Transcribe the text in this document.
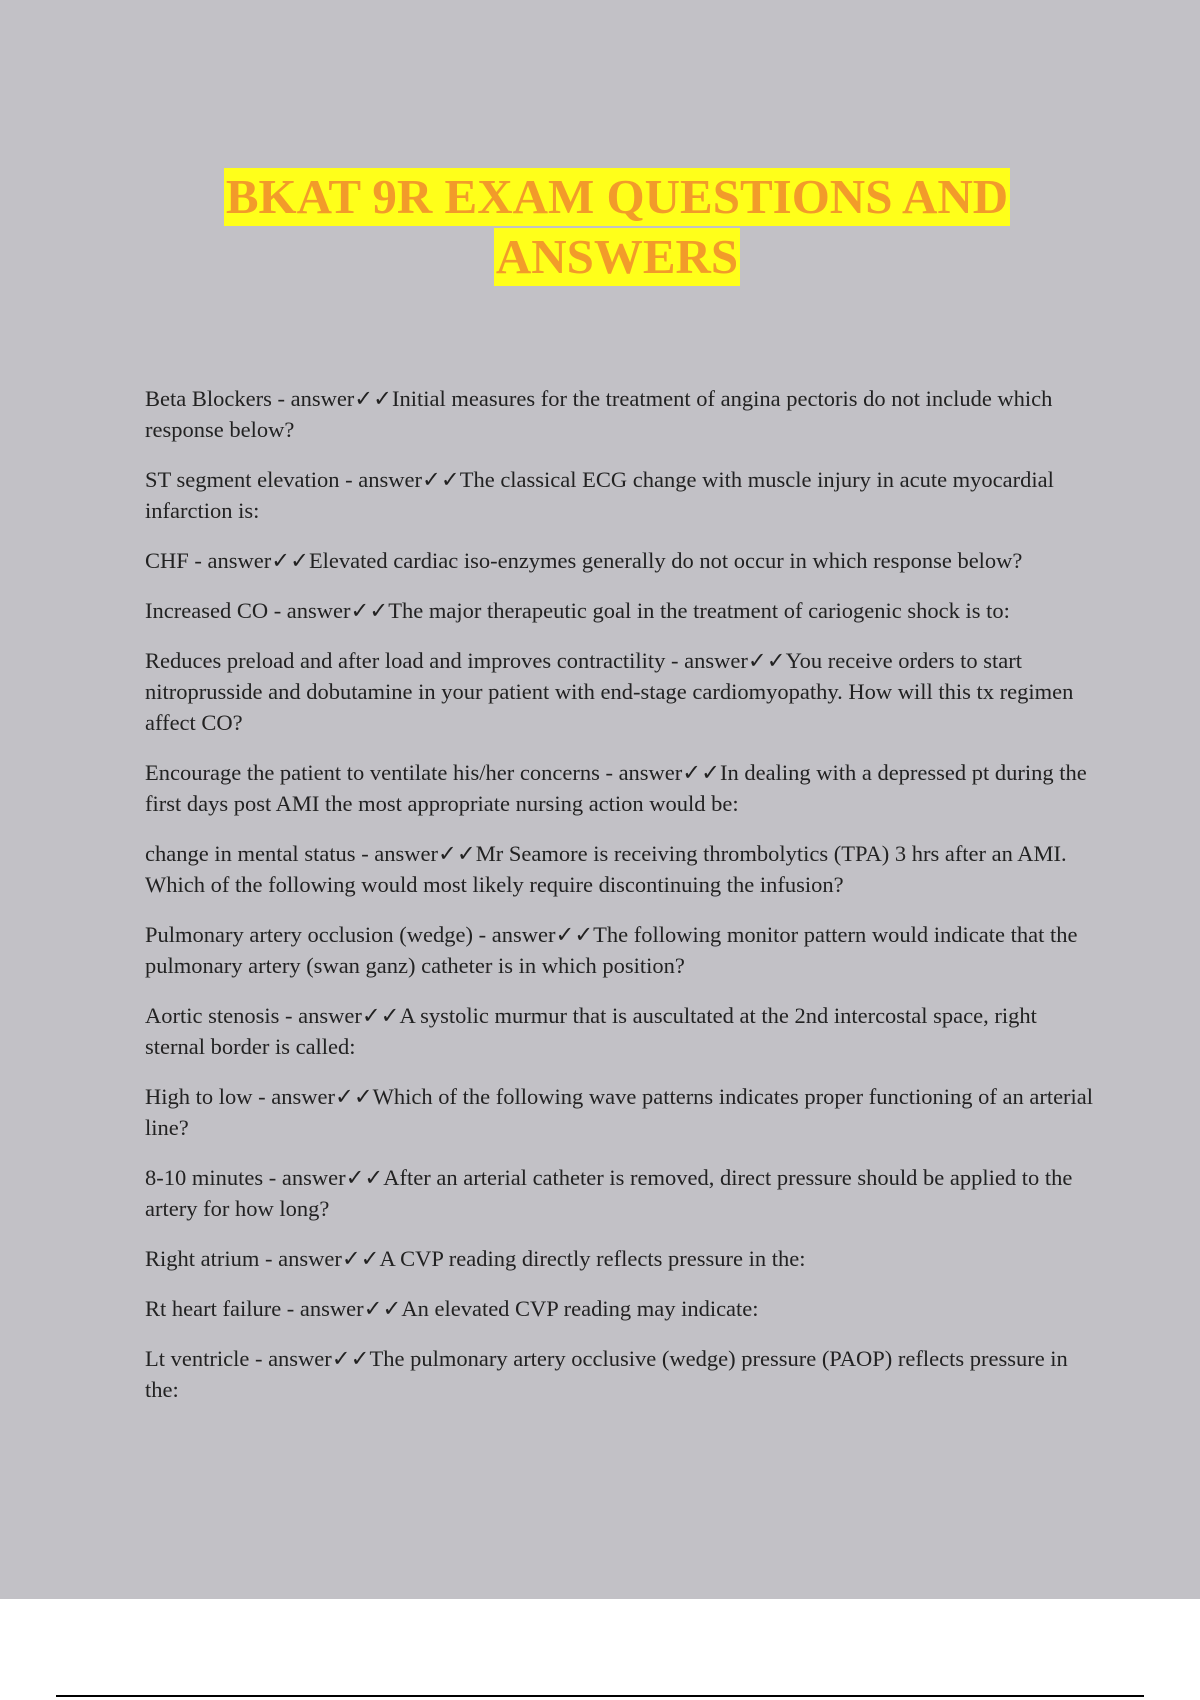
BKAT 9R EXAM QUESTIONS AND
ANSWERS

Beta Blockers - answer✓✓Initial measures for the treatment of angina pectoris do not include which response below?

ST segment elevation - answer✓✓The classical ECG change with muscle injury in acute myocardial infarction is:

CHF - answer✓✓Elevated cardiac iso-enzymes generally do not occur in which response below?

Increased CO - answer✓✓The major therapeutic goal in the treatment of cariogenic shock is to:

Reduces preload and after load and improves contractility - answer✓✓You receive orders to start nitroprusside and dobutamine in your patient with end-stage cardiomyopathy. How will this tx regimen affect CO?

Encourage the patient to ventilate his/her concerns - answer✓✓In dealing with a depressed pt during the first days post AMI the most appropriate nursing action would be:

change in mental status - answer✓✓Mr Seamore is receiving thrombolytics (TPA) 3 hrs after an AMI. Which of the following would most likely require discontinuing the infusion?

Pulmonary artery occlusion (wedge) - answer✓✓The following monitor pattern would indicate that the pulmonary artery (swan ganz) catheter is in which position?

Aortic stenosis - answer✓✓A systolic murmur that is auscultated at the 2nd intercostal space, right sternal border is called:

High to low - answer✓✓Which of the following wave patterns indicates proper functioning of an arterial line?

8-10 minutes - answer✓✓After an arterial catheter is removed, direct pressure should be applied to the artery for how long?

Right atrium - answer✓✓A CVP reading directly reflects pressure in the:

Rt heart failure - answer✓✓An elevated CVP reading may indicate:

Lt ventricle - answer✓✓The pulmonary artery occlusive (wedge) pressure (PAOP) reflects pressure in the:
